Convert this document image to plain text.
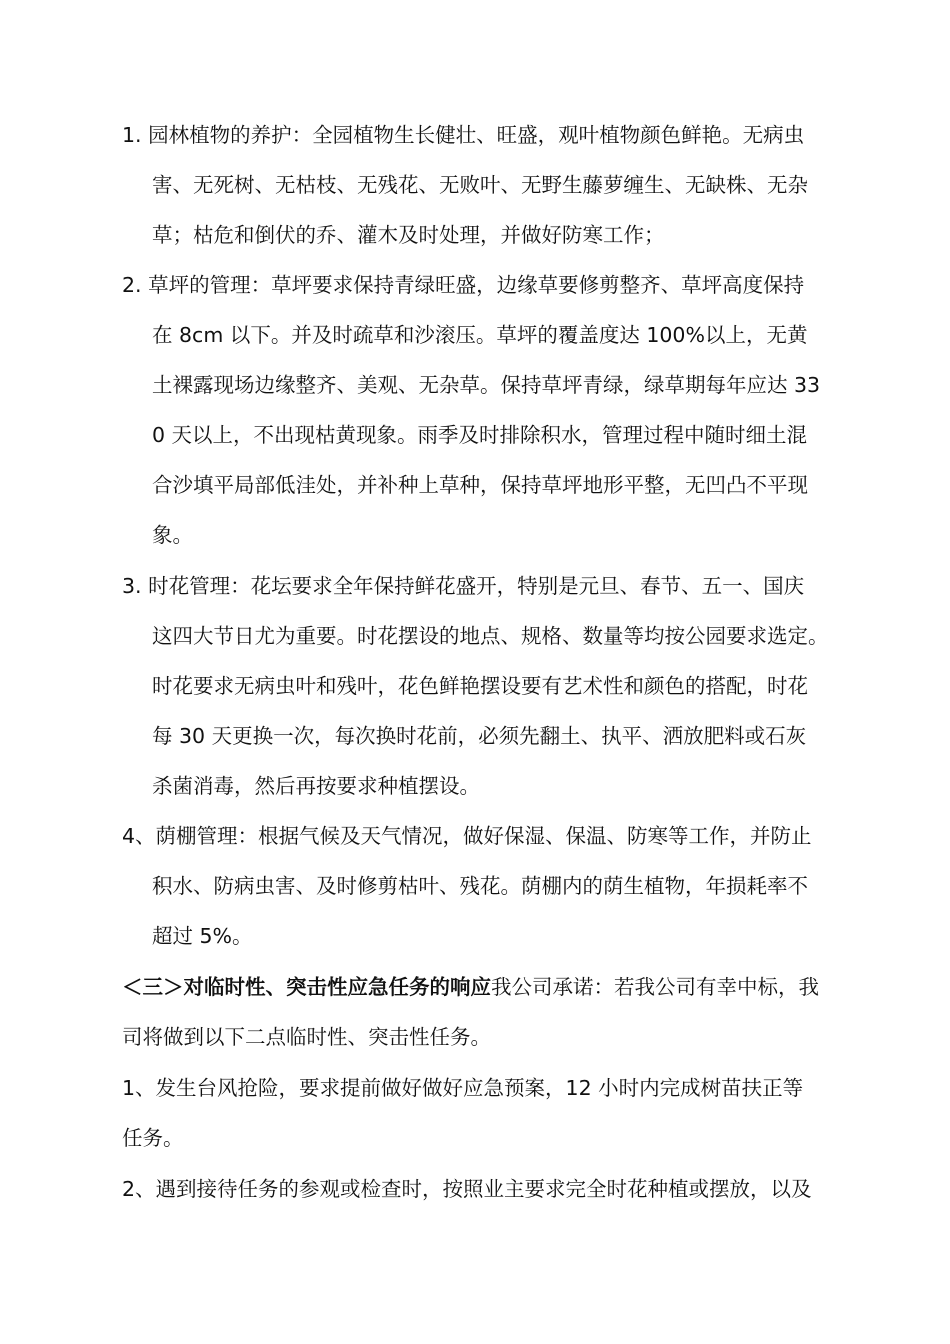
1. 园林植物的养护：全园植物生长健壮、旺盛，观叶植物颜色鲜艳。无病虫
害、无死树、无枯枝、无残花、无败叶、无野生藤萝缠生、无缺株、无杂
草；枯危和倒伏的乔、灌木及时处理，并做好防寒工作；
2. 草坪的管理：草坪要求保持青绿旺盛，边缘草要修剪整齐、草坪高度保持
在 8cm 以下。并及时疏草和沙滚压。草坪的覆盖度达 100%以上，无黄
土裸露现场边缘整齐、美观、无杂草。保持草坪青绿，绿草期每年应达 33
0 天以上，不出现枯黄现象。雨季及时排除积水，管理过程中随时细土混
合沙填平局部低洼处，并补种上草种，保持草坪地形平整，无凹凸不平现
象。
3. 时花管理：花坛要求全年保持鲜花盛开，特别是元旦、春节、五一、国庆
这四大节日尤为重要。时花摆设的地点、规格、数量等均按公园要求选定。
时花要求无病虫叶和残叶，花色鲜艳摆设要有艺术性和颜色的搭配，时花
每 30 天更换一次，每次换时花前，必须先翻土、执平、洒放肥料或石灰
杀菌消毒，然后再按要求种植摆设。
4、荫棚管理：根据气候及天气情况，做好保湿、保温、防寒等工作，并防止
积水、防病虫害、及时修剪枯叶、残花。荫棚内的荫生植物，年损耗率不
超过 5%。
＜三＞对临时性、突击性应急任务的响应我公司承诺：若我公司有幸中标，我
司将做到以下二点临时性、突击性任务。
1、发生台风抢险，要求提前做好做好应急预案，12 小时内完成树苗扶正等
任务。
2、遇到接待任务的参观或检查时，按照业主要求完全时花种植或摆放，以及
